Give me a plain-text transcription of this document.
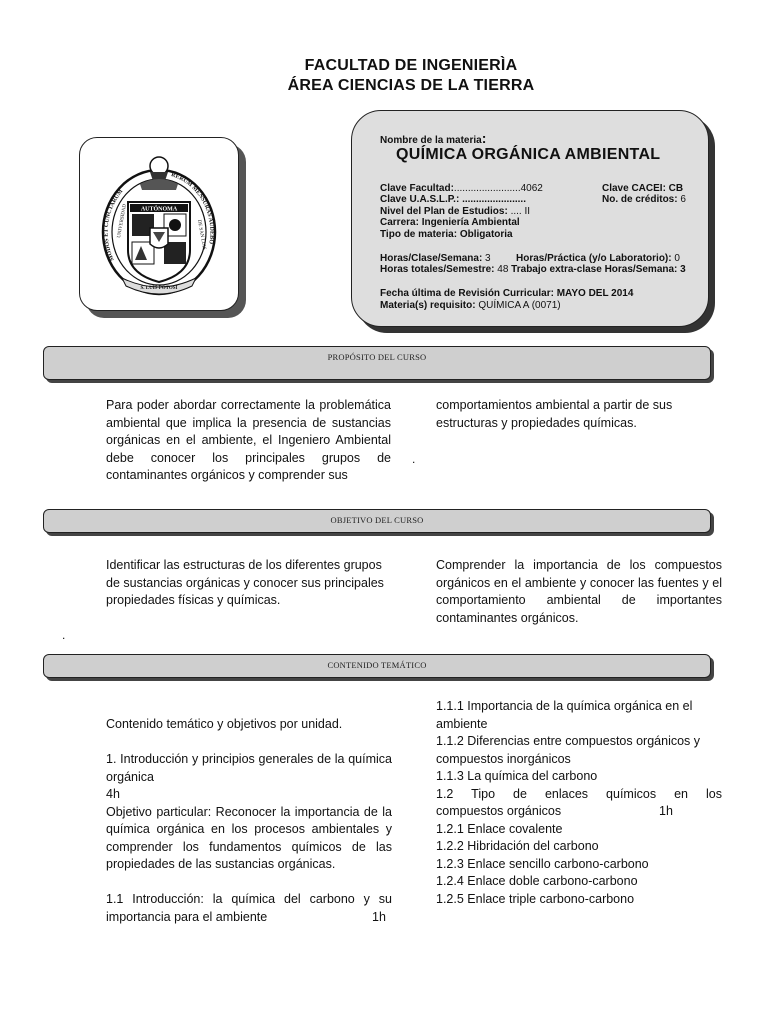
FACULTAD DE INGENIERÌA
ÁREA CIENCIAS DE LA TIERRA
MODOS ET CUNCTARUM
RERUM MENSURAS AUDEBO
AUTÓNOMA
S. LUIS POTOSÍ
UNIVERSIDAD	DE SAN LUIS
Nombre de la materia:
QUÍMICA ORGÁNICA AMBIENTAL
Clave Facultad:........................4062	Clave CACEI: CB
Clave U.A.S.L.P.: .......................	No. de créditos: 6
Nivel del Plan de Estudios: .... II
Carrera: Ingeniería Ambiental
Tipo de materia: Obligatoria
Horas/Clase/Semana: 3	Horas/Práctica (y/o Laboratorio): 0
Horas totales/Semestre: 48 Trabajo extra-clase Horas/Semana: 3
Fecha última de Revisión Curricular: MAYO DEL 2014
Materia(s) requisito: QUÍMICA A (0071)
PROPÓSITO DEL CURSO
Para poder abordar correctamente la problemática ambiental que implica la presencia de sustancias orgánicas en el ambiente, el Ingeniero Ambiental debe conocer los principales grupos de contaminantes orgánicos y comprender sus
comportamientos ambiental a partir de sus estructuras y propiedades químicas.
.
OBJETIVO DEL CURSO
Identificar las estructuras de los diferentes grupos de sustancias orgánicas y conocer sus principales propiedades físicas y químicas.
Comprender la importancia de los compuestos orgánicos en el ambiente y conocer las fuentes y el comportamiento ambiental de importantes contaminantes orgánicos.
.
CONTENIDO TEMÁTICO
Contenido temático y objetivos por unidad.
1. Introducción y principios generales de la química orgánica
4h
Objetivo particular: Reconocer la importancia de la química orgánica en los procesos ambientales y comprender los fundamentos químicos de las propiedades de las sustancias orgánicas.
1.1 Introducción: la química del carbono y su
importancia para el ambiente	1h
1.1.1 Importancia de la química orgánica en el ambiente
1.1.2 Diferencias entre compuestos orgánicos y compuestos inorgánicos
1.1.3 La química del carbono
1.2 Tipo de enlaces químicos en los
compuestos orgánicos	1h
1.2.1 Enlace covalente
1.2.2 Hibridación del carbono
1.2.3 Enlace sencillo carbono-carbono
1.2.4 Enlace doble carbono-carbono
1.2.5 Enlace triple carbono-carbono
